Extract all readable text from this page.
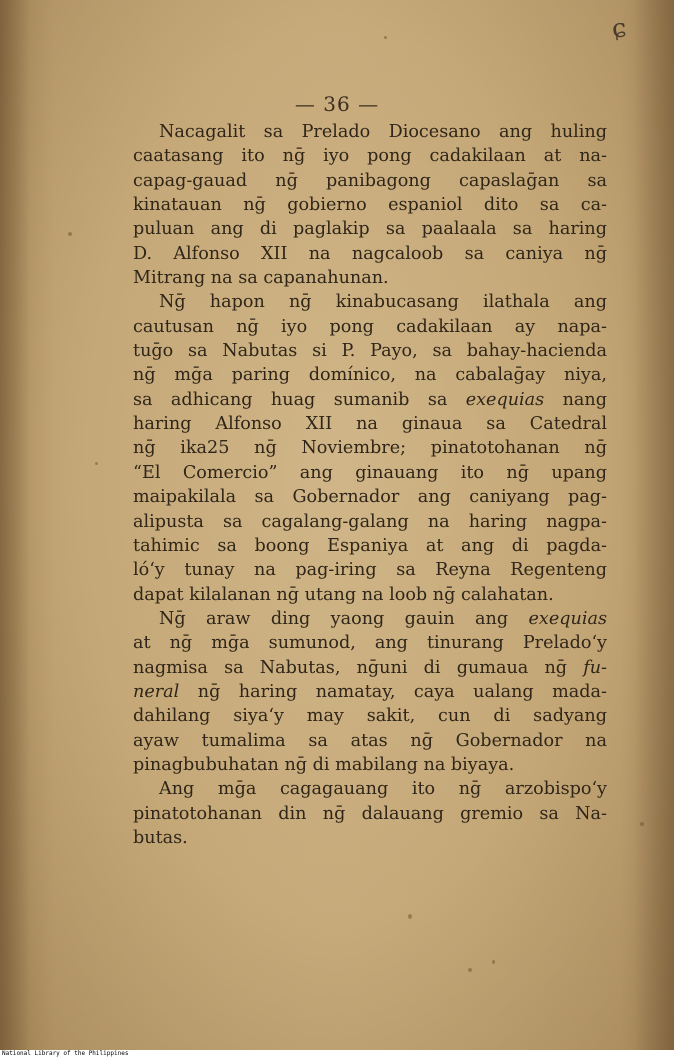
ɕ
— 36 —
Nacagalit sa Prelado Diocesano ang huling
caatasang ito nḡ iyo pong cadakilaan at na-
capag-gauad nḡ panibagong capaslaḡan sa
kinatauan nḡ gobierno espaniol dito sa ca-
puluan ang di paglakip sa paalaala sa haring
D. Alfonso XII na nagcaloob sa caniya nḡ
Mitrang na sa capanahunan.
Nḡ hapon nḡ kinabucasang ilathala ang
cautusan nḡ iyo pong cadakilaan ay napa-
tuḡo sa Nabutas si P. Payo, sa bahay-hacienda
nḡ mḡa paring domínico, na cabalaḡay niya,
sa adhicang huag sumanib sa exequias nang
haring Alfonso XII na ginaua sa Catedral
nḡ ika25 nḡ Noviembre; pinatotohanan nḡ
“El Comercio” ang ginauang ito nḡ upang
maipakilala sa Gobernador ang caniyang pag-
alipusta sa cagalang-galang na haring nagpa-
tahimic sa boong Espaniya at ang di pagda-
ló‘y tunay na pag-iring sa Reyna Regenteng
dapat kilalanan nḡ utang na loob nḡ calahatan.
Nḡ araw ding yaong gauin ang exequias
at nḡ mḡa sumunod, ang tinurang Prelado‘y
nagmisa sa Nabutas, nḡuni di gumaua nḡ fu-
neral nḡ haring namatay, caya ualang mada-
dahilang siya‘y may sakit, cun di sadyang
ayaw tumalima sa atas nḡ Gobernador na
pinagbubuhatan nḡ di mabilang na biyaya.
Ang mḡa cagagauang ito nḡ arzobispo‘y
pinatotohanan din nḡ dalauang gremio sa Na-
butas.
National Library of the Philippines
